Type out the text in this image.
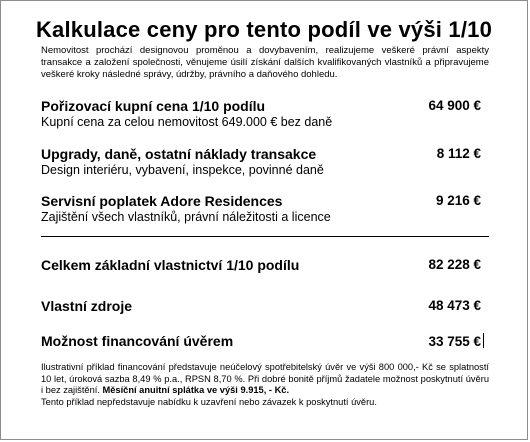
Kalkulace ceny pro tento podíl ve výši 1/10
Nemovitost prochází designovou proměnou a dovybavením, realizujeme veškeré právní aspekty transakce a založení společnosti, věnujeme úsilí získání dalších kvalifikovaných vlastníků a připravujeme veškeré kroky následné správy, údržby, právního a daňového dohledu.
Pořizovací kupní cena 1/10 podílu	64 900 €
Kupní cena za celou nemovitost 649.000 € bez daně
Upgrady, daně, ostatní náklady transakce	8 112 €
Design interiéru, vybavení, inspekce, povinné daně
Servisní poplatek Adore Residences	9 216 €
Zajištění všech vlastníků, právní náležitosti a licence
Celkem základní vlastnictví 1/10 podílu	82 228 €
Vlastní zdroje	48 473 €
Možnost financování úvěrem	33 755 €
Ilustrativní příklad financování představuje neúčelový spotřebitelský úvěr ve výši 800 000,- Kč se splatností 10 let, úroková sazba 8,49 % p.a., RPSN 8,70 %. Při dobré bonitě příjmů žadatele možnost poskytnutí úvěru i bez zajištění. Měsíční anuitní splátka ve výši 9.915, - Kč.
Tento příklad nepředstavuje nabídku k uzavření nebo závazek k poskytnutí úvěru.
